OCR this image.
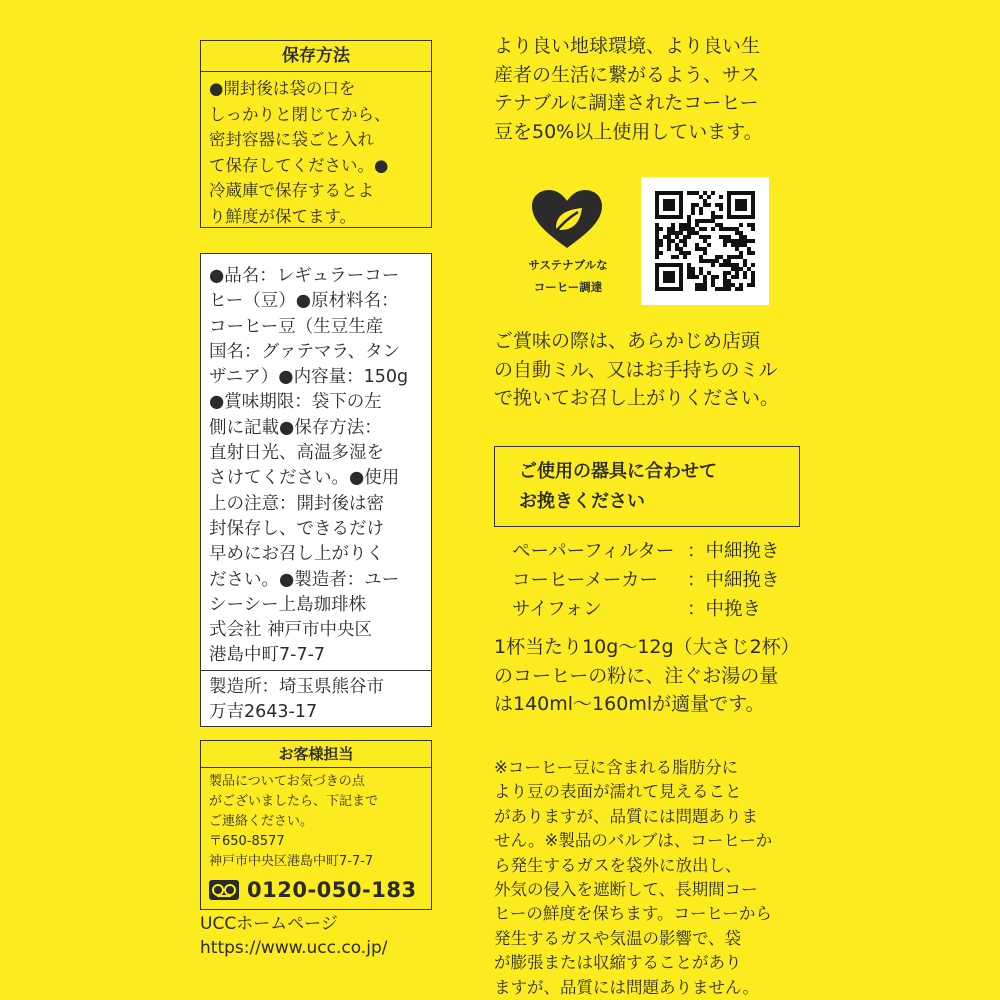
保存方法
●開封後は袋の口を
しっかりと閉じてから、
密封容器に袋ごと入れ
て保存してください。●
冷蔵庫で保存するとよ
り鮮度が保てます。
●品名：レギュラーコー
ヒー（豆）●原材料名：
コーヒー豆（生豆生産
国名：グァテマラ、タン
ザニア）●内容量：150g
●賞味期限：袋下の左
側に記載●保存方法：
直射日光、高温多湿を
さけてください。●使用
上の注意：開封後は密
封保存し、できるだけ
早めにお召し上がりく
ださい。●製造者：ユー
シーシー上島珈琲株
式会社 神戸市中央区
港島中町7-7-7
製造所：埼玉県熊谷市
万吉2643-17
お客様担当
製品についてお気づきの点
がございましたら、下記まで
ご連絡ください。
〒650-8577
神戸市中央区港島中町7-7-7
0120-050-183
UCCホームページ
https://www.ucc.co.jp/
より良い地球環境、より良い生
産者の生活に繋がるよう、サス
テナブルに調達されたコーヒー
豆を50%以上使用しています。
サステナブルな
コーヒー調達
ご賞味の際は、あらかじめ店頭
の自動ミル、又はお手持ちのミル
で挽いてお召し上がりください。
ご使用の器具に合わせて
お挽きください
ペーパーフィルター ：中細挽き
コーヒーメーカー	：中細挽き
サイフォン	：中挽き
1杯当たり10g～12g（大さじ2杯）
のコーヒーの粉に、注ぐお湯の量
は140ml～160mlが適量です。
※コーヒー豆に含まれる脂肪分に
より豆の表面が濡れて見えること
がありますが、品質には問題ありま
せん。※製品のバルブは、コーヒーか
ら発生するガスを袋外に放出し、
外気の侵入を遮断して、長期間コー
ヒーの鮮度を保ちます。コーヒーから
発生するガスや気温の影響で、袋
が膨張または収縮することがあり
ますが、品質には問題ありません。
